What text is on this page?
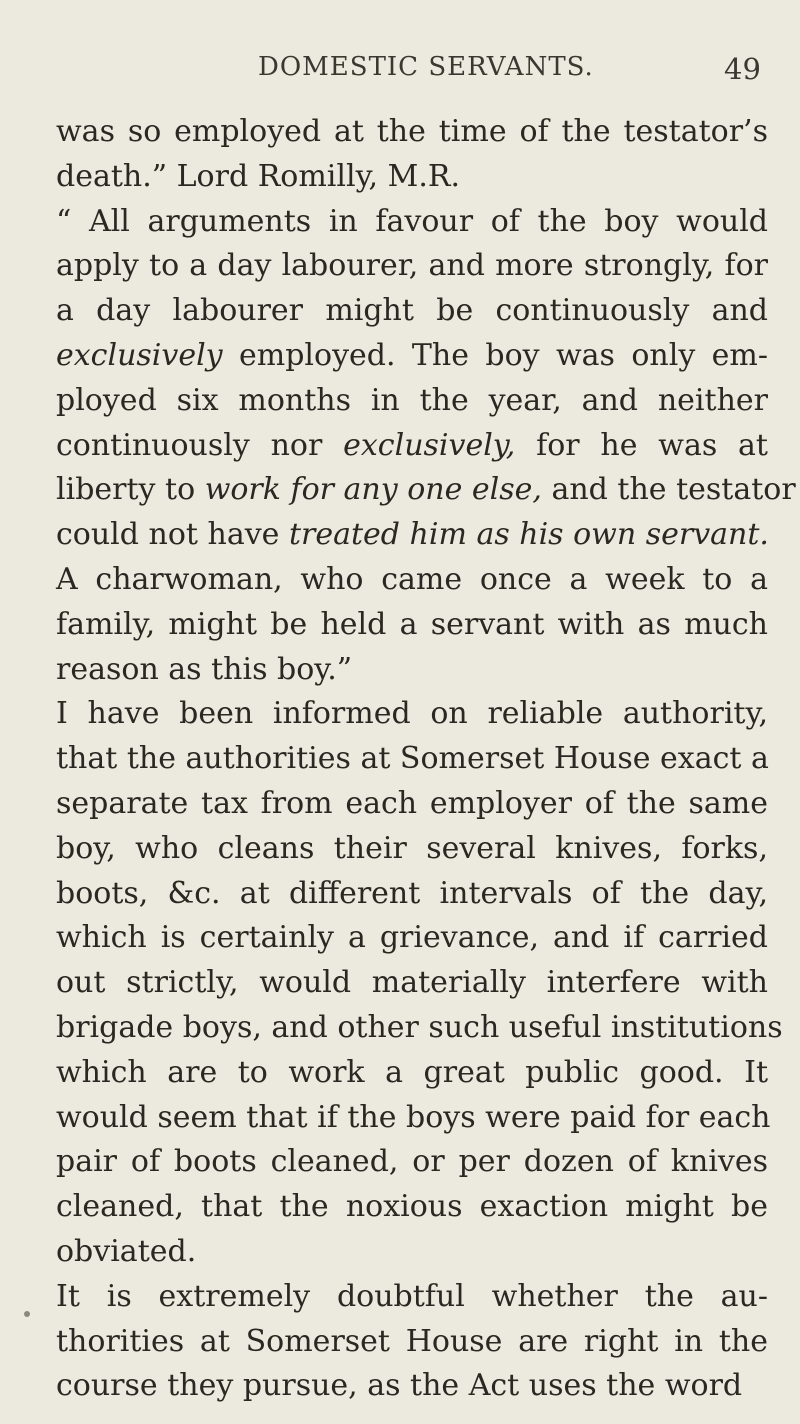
DOMESTIC SERVANTS.	49
was so employed at the time of the testator’s
death.” Lord Romilly, M.R.
“ All arguments in favour of the boy would
apply to a day labourer, and more strongly, for
a day labourer might be continuously and
exclusively employed. The boy was only em-
ployed six months in the year, and neither
continuously nor exclusively, for he was at
liberty to work for any one else, and the testator
could not have treated him as his own servant.
A charwoman, who came once a week to a
family, might be held a servant with as much
reason as this boy.”
I have been informed on reliable authority,
that the authorities at Somerset House exact a
separate tax from each employer of the same
boy, who cleans their several knives, forks,
boots, &c. at different intervals of the day,
which is certainly a grievance, and if carried
out strictly, would materially interfere with
brigade boys, and other such useful institutions
which are to work a great public good. It
would seem that if the boys were paid for each
pair of boots cleaned, or per dozen of knives
cleaned, that the noxious exaction might be
obviated.
It is extremely doubtful whether the au-
thorities at Somerset House are right in the
course they pursue, as the Act uses the word
